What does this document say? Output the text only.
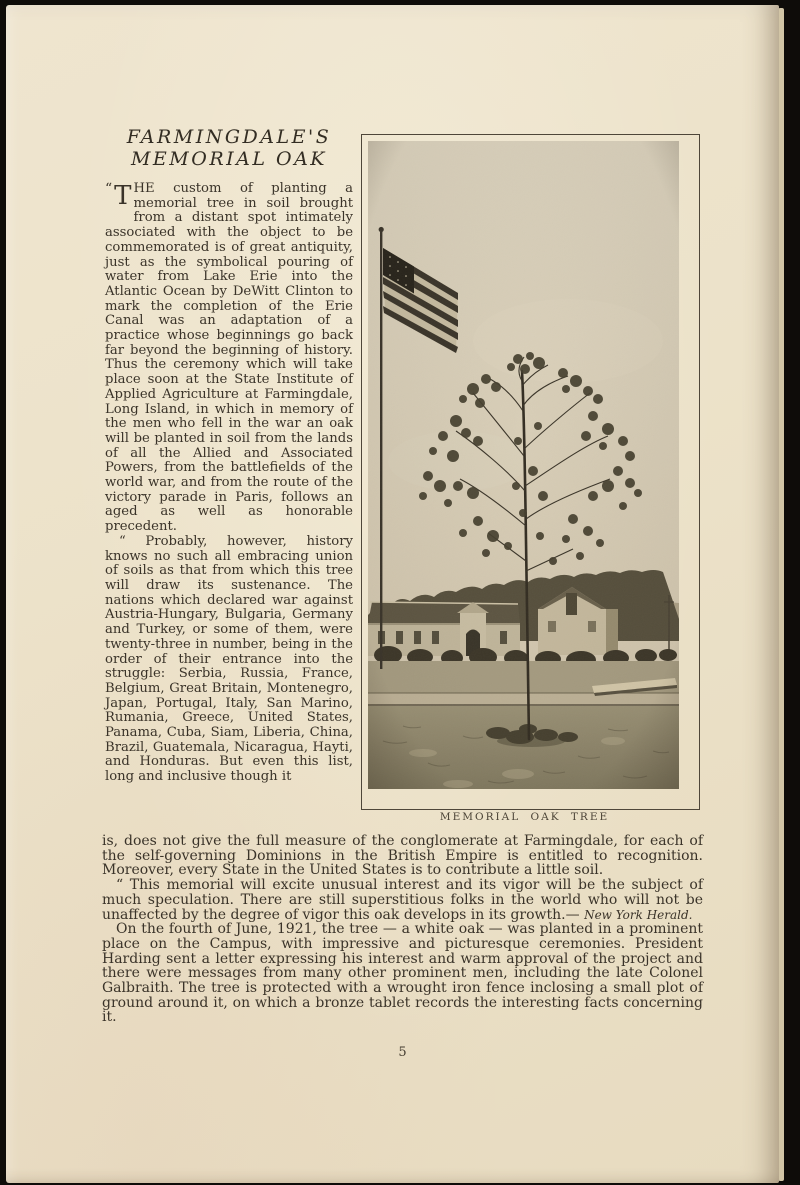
FARMINGDALE'S
MEMORIAL OAK

“ T HE custom of planting a memorial tree in soil brought from a distant spot intimately associated with the object to be commemorated is of great antiquity, just as the symbolical pouring of water from Lake Erie into the Atlantic Ocean by DeWitt Clinton to mark the completion of the Erie Canal was an adaptation of a practice whose beginnings go back far beyond the beginning of history. Thus the ceremony which will take place soon at the State Institute of Applied Agriculture at Farmingdale, Long Island, in which in memory of the men who fell in the war an oak will be planted in soil from the lands of all the Allied and Associated Powers, from the battlefields of the world war, and from the route of the victory parade in Paris, follows an aged as well as honorable precedent.

“ Probably, however, history knows no such all embracing union of soils as that from which this tree will draw its sustenance. The nations which declared war against Austria-Hungary, Bulgaria, Germany and Turkey, or some of them, were twenty-three in number, being in the order of their entrance into the struggle: Serbia, Russia, France, Belgium, Great Britain, Montenegro, Japan, Portugal, Italy, San Marino, Rumania, Greece, United States, Panama, Cuba, Siam, Liberia, China, Brazil, Guatemala, Nicaragua, Hayti, and Honduras. But even this list, long and inclusive though it

MEMORIAL OAK TREE

is, does not give the full measure of the conglomerate at Farmingdale, for each of the self-governing Dominions in the British Empire is entitled to recognition. Moreover, every State in the United States is to contribute a little soil.

“ This memorial will excite unusual interest and its vigor will be the subject of much speculation. There are still superstitious folks in the world who will not be unaffected by the degree of vigor this oak develops in its growth.— New York Herald.

On the fourth of June, 1921, the tree — a white oak — was planted in a prominent place on the Campus, with impressive and picturesque ceremonies. President Harding sent a letter expressing his interest and warm approval of the project and there were messages from many other prominent men, including the late Colonel Galbraith. The tree is protected with a wrought iron fence inclosing a small plot of ground around it, on which a bronze tablet records the interesting facts concerning it.

5
